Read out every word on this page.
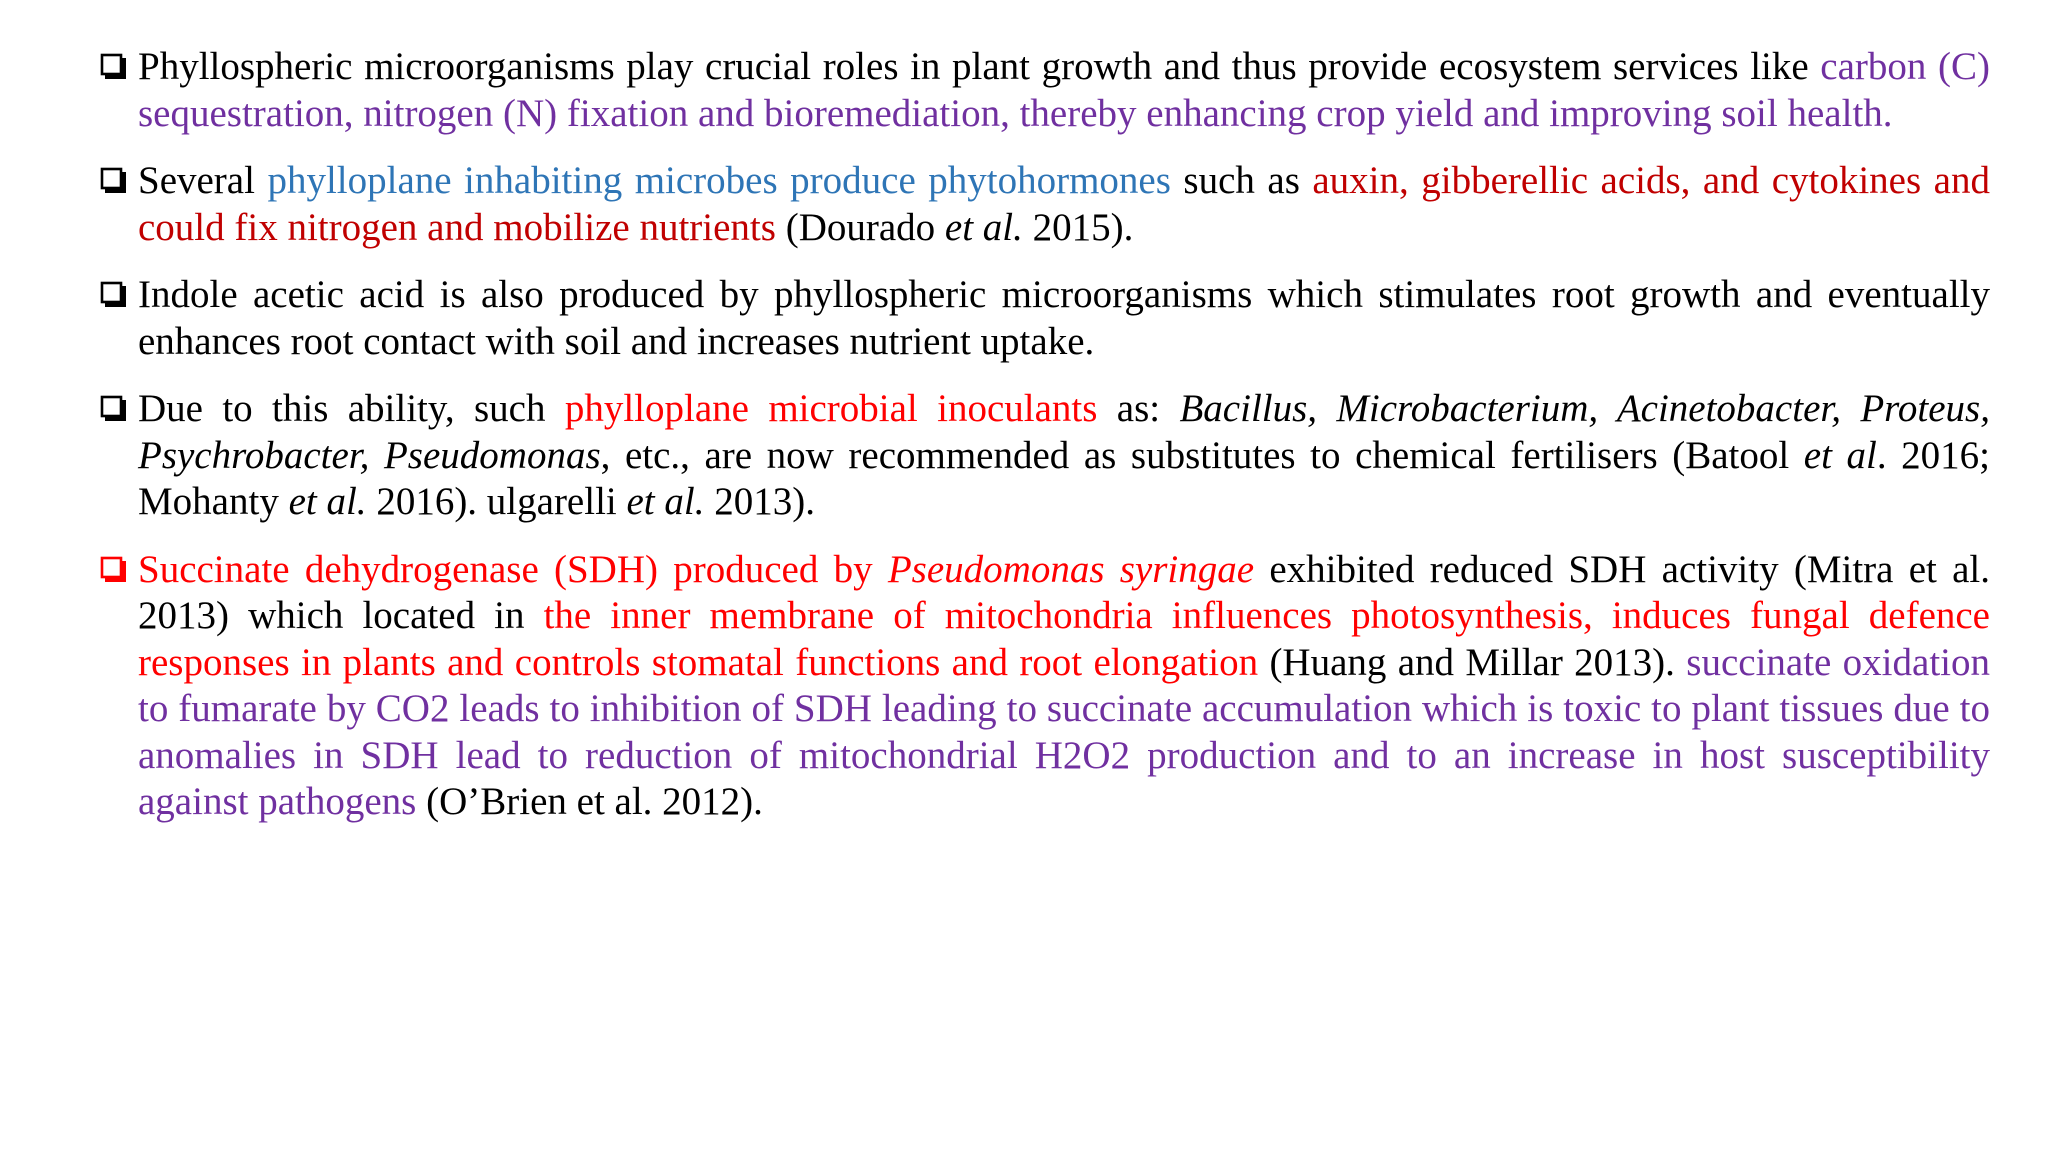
Phyllospheric microorganisms play crucial roles in plant growth and thus provide ecosystem services like carbon (C) sequestration, nitrogen (N) fixation and bioremediation, thereby enhancing crop yield and improving soil health.
Several phylloplane inhabiting microbes produce phytohormones such as auxin, gibberellic acids, and cytokines and could fix nitrogen and mobilize nutrients (Dourado et al. 2015).
Indole acetic acid is also produced by phyllospheric microorganisms which stimulates root growth and eventually enhances root contact with soil and increases nutrient uptake.
Due to this ability, such phylloplane microbial inoculants as: Bacillus, Microbacterium, Acinetobacter, Proteus, Psychrobacter, Pseudomonas, etc., are now recommended as substitutes to chemical fertilisers (Batool et al. 2016; Mohanty et al. 2016). ulgarelli et al. 2013).
Succinate dehydrogenase (SDH) produced by Pseudomonas syringae exhibited reduced SDH activity (Mitra et al. 2013) which located in the inner membrane of mitochondria influences photosynthesis, induces fungal defence responses in plants and controls stomatal functions and root elongation (Huang and Millar 2013). succinate oxidation to fumarate by CO2 leads to inhibition of SDH leading to succinate accumulation which is toxic to plant tissues due to anomalies in SDH lead to reduction of mitochondrial H2O2 production and to an increase in host susceptibility against pathogens (O’Brien et al. 2012).
